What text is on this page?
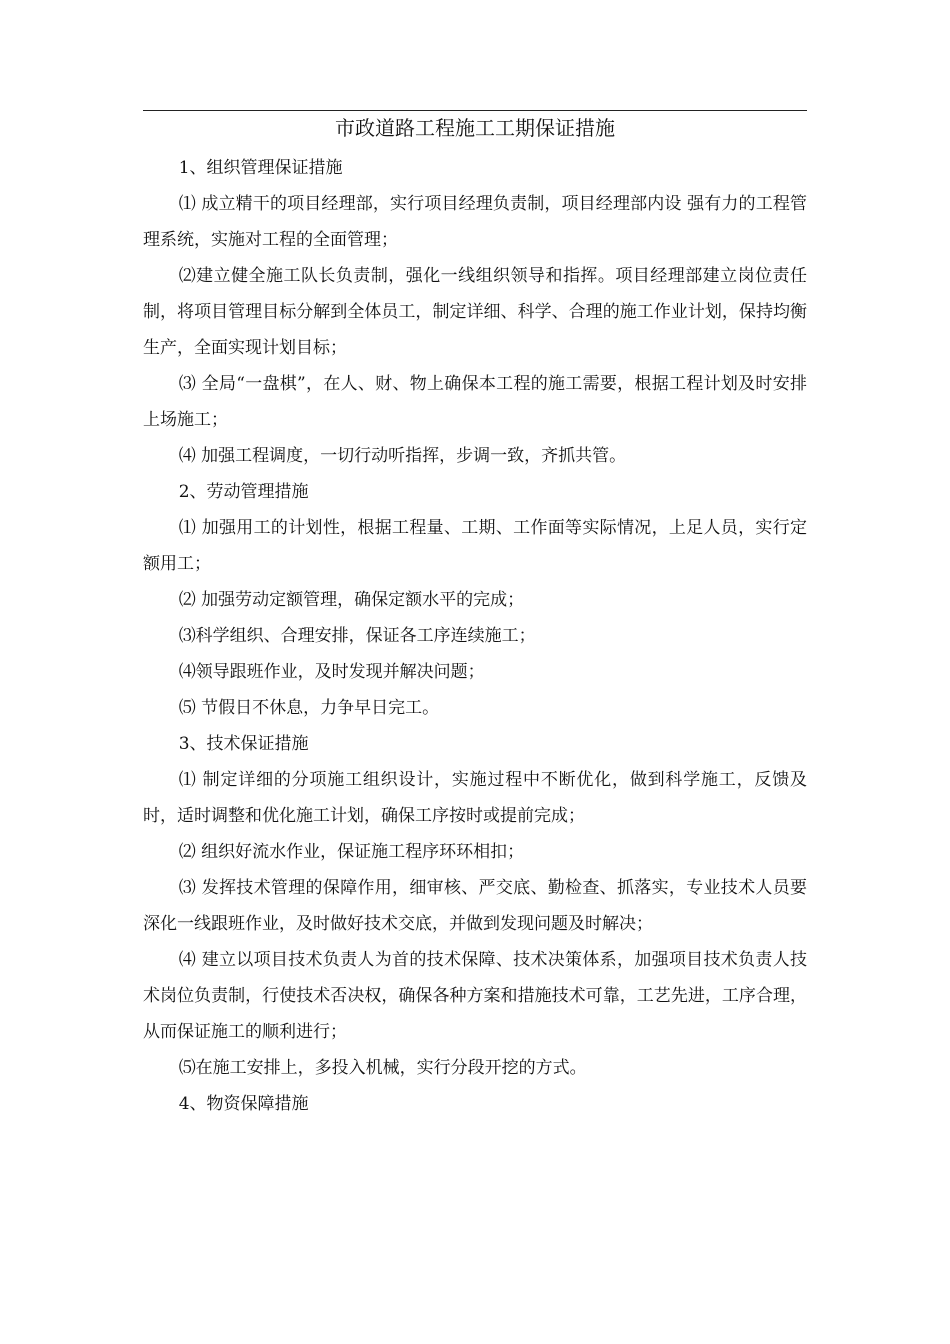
市政道路工程施工工期保证措施

1、组织管理保证措施

⑴ 成立精干的项目经理部，实行项目经理负责制，项目经理部内设 强有力的工程管理系统，实施对工程的全面管理；

⑵建立健全施工队长负责制，强化一线组织领导和指挥。项目经理部建立岗位责任制，将项目管理目标分解到全体员工，制定详细、科学、合理的施工作业计划，保持均衡生产，全面实现计划目标；

⑶ 全局“一盘棋”，在人、财、物上确保本工程的施工需要，根据工程计划及时安排上场施工；

⑷ 加强工程调度，一切行动听指挥，步调一致，齐抓共管。

2、劳动管理措施

⑴ 加强用工的计划性，根据工程量、工期、工作面等实际情况，上足人员，实行定额用工；

⑵ 加强劳动定额管理，确保定额水平的完成；

⑶科学组织、合理安排，保证各工序连续施工；

⑷领导跟班作业，及时发现并解决问题；

⑸ 节假日不休息，力争早日完工。

3、技术保证措施

⑴ 制定详细的分项施工组织设计，实施过程中不断优化，做到科学施工，反馈及时，适时调整和优化施工计划，确保工序按时或提前完成；

⑵ 组织好流水作业，保证施工程序环环相扣；

⑶ 发挥技术管理的保障作用，细审核、严交底、勤检查、抓落实，专业技术人员要深化一线跟班作业，及时做好技术交底，并做到发现问题及时解决；

⑷ 建立以项目技术负责人为首的技术保障、技术决策体系，加强项目技术负责人技术岗位负责制，行使技术否决权，确保各种方案和措施技术可靠，工艺先进，工序合理，从而保证施工的顺利进行；

⑸在施工安排上，多投入机械，实行分段开挖的方式。

4、物资保障措施
